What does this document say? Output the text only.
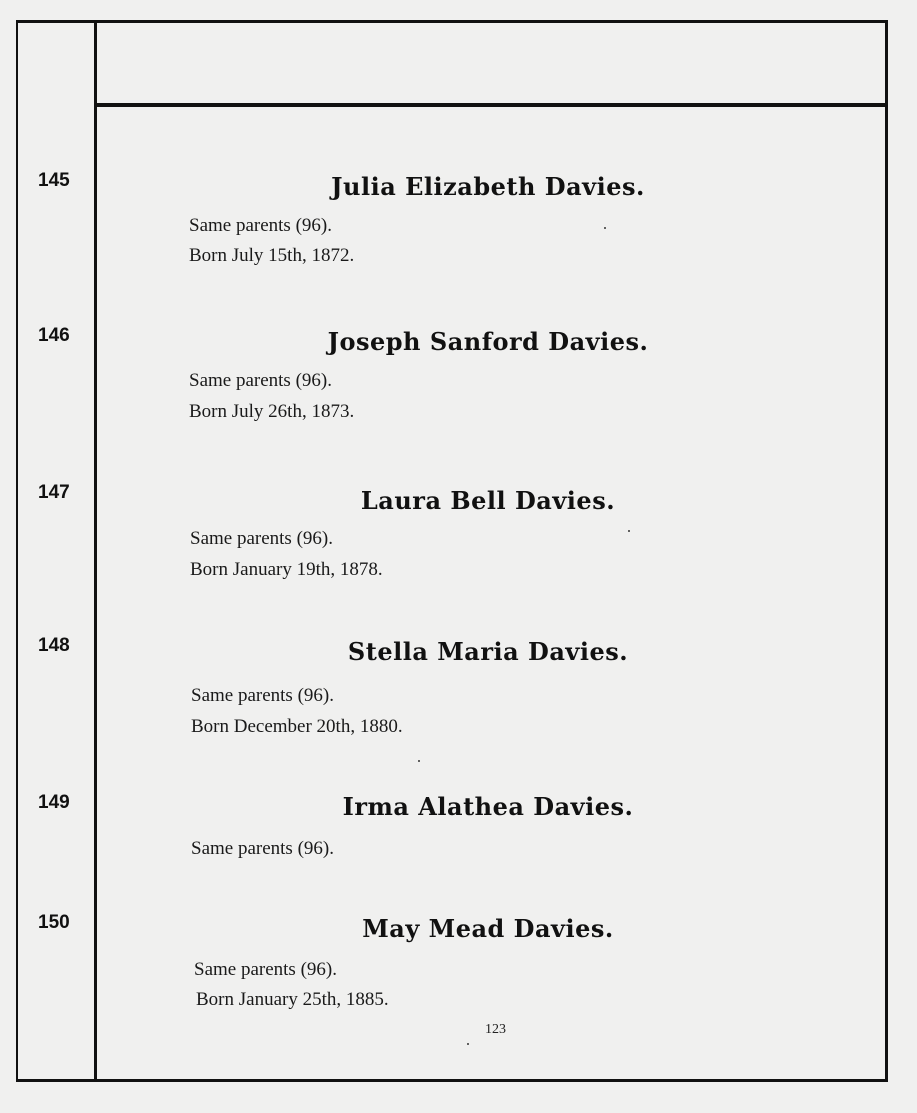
145	Julia Elizabeth Davies.
Same parents (96).
Born July 15th, 1872.
146	Joseph Sanford Davies.
Same parents (96).
Born July 26th, 1873.
147	Laura Bell Davies.
Same parents (96).
Born January 19th, 1878.
148	Stella Maria Davies.
Same parents (96).
Born December 20th, 1880.
149	Irma Alathea Davies.
Same parents (96).
150	May Mead Davies.
Same parents (96).
Born January 25th, 1885.
123
